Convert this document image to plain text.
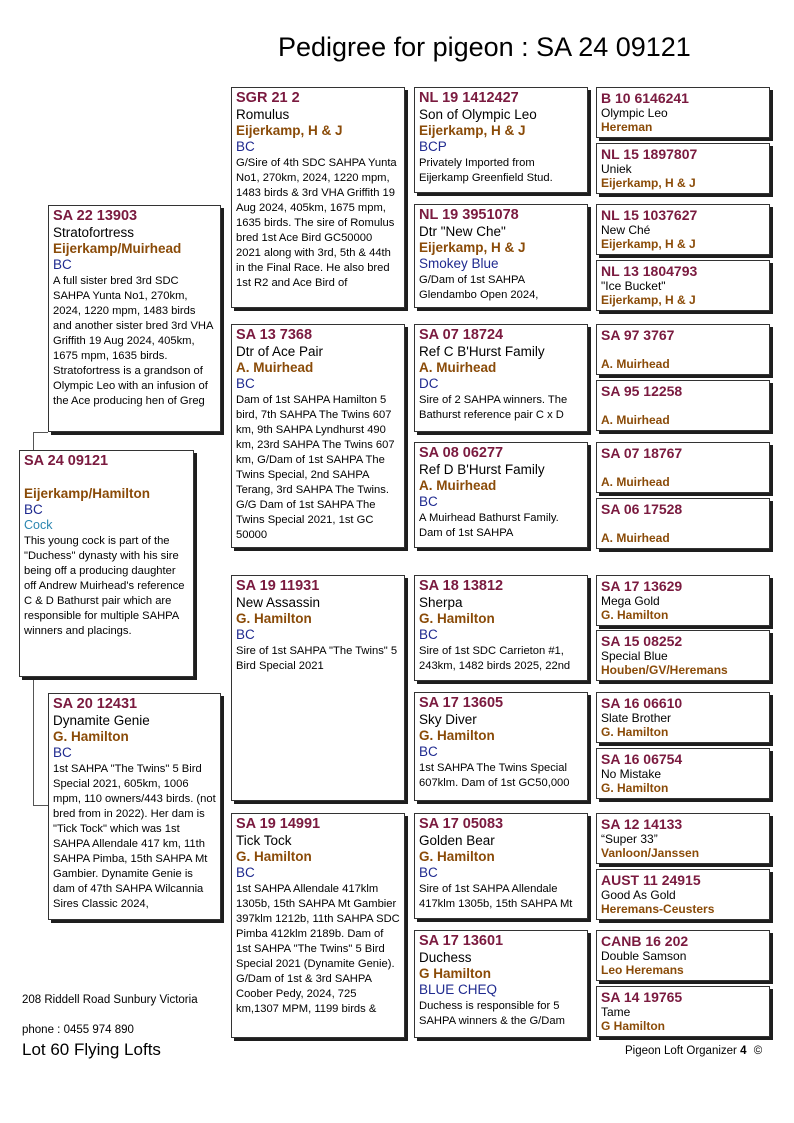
Pedigree for pigeon : SA 24 09121
SA 24 09121
Eijerkamp/Hamilton
BC
Cock
This young cock is part of the "Duchess" dynasty with his sire being off a producing daughter off Andrew Muirhead's reference C & D Bathurst pair which are responsible for multiple SAHPA winners and placings.
SA 22 13903
Stratofortress
Eijerkamp/Muirhead
BC
A full sister bred 3rd SDC SAHPA Yunta No1, 270km, 2024, 1220 mpm, 1483 birds and another sister bred 3rd VHA Griffith 19 Aug 2024, 405km, 1675 mpm, 1635 birds. Stratofortress is a grandson of Olympic Leo with an infusion of the Ace producing hen of Greg
SA 20 12431
Dynamite Genie
G. Hamilton
BC
1st SAHPA "The Twins" 5 Bird Special 2021, 605km, 1006 mpm, 110 owners/443 birds. (not bred from in 2022). Her dam is "Tick Tock" which was 1st SAHPA Allendale 417 km, 11th SAHPA Pimba, 15th SAHPA Mt Gambier. Dynamite Genie is dam of 47th SAHPA Wilcannia Sires Classic 2024,
SGR 21 2
Romulus
Eijerkamp, H & J
BC
G/Sire of 4th SDC SAHPA Yunta No1, 270km, 2024, 1220 mpm, 1483 birds & 3rd VHA Griffith 19 Aug 2024, 405km, 1675 mpm, 1635 birds. The sire of Romulus bred 1st Ace Bird GC50000 2021 along with 3rd, 5th & 44th in the Final Race. He also bred 1st R2 and Ace Bird of
SA 13 7368
Dtr of Ace Pair
A. Muirhead
BC
Dam of 1st SAHPA Hamilton 5 bird, 7th SAHPA The Twins 607 km, 9th SAHPA Lyndhurst 490 km, 23rd SAHPA The Twins 607 km, G/Dam of 1st SAHPA The Twins Special, 2nd SAHPA Terang, 3rd SAHPA The Twins. G/G Dam of 1st SAHPA The Twins Special 2021, 1st GC 50000
SA 19 11931
New Assassin
G. Hamilton
BC
Sire of 1st SAHPA "The Twins" 5 Bird Special 2021
SA 19 14991
Tick Tock
G. Hamilton
BC
1st SAHPA Allendale 417klm 1305b, 15th SAHPA Mt Gambier 397klm 1212b, 11th SAHPA SDC Pimba 412klm 2189b. Dam of 1st SAHPA "The Twins" 5 Bird Special 2021 (Dynamite Genie). G/Dam of 1st & 3rd SAHPA Coober Pedy, 2024, 725 km,1307 MPM, 1199 birds &
NL 19 1412427
Son of Olympic Leo
Eijerkamp, H & J
BCP
Privately Imported from Eijerkamp Greenfield Stud.
NL 19 3951078
Dtr "New Che"
Eijerkamp, H & J
Smokey Blue
G/Dam of 1st SAHPA Glendambo Open 2024,
SA 07 18724
Ref C B'Hurst Family
A. Muirhead
DC
Sire of 2 SAHPA winners. The Bathurst reference pair C x D
SA 08 06277
Ref D B'Hurst Family
A. Muirhead
BC
A Muirhead Bathurst Family. Dam of 1st SAHPA
SA 18 13812
Sherpa
G. Hamilton
BC
Sire of 1st SDC Carrieton #1, 243km, 1482 birds 2025, 22nd
SA 17 13605
Sky Diver
G. Hamilton
BC
1st SAHPA The Twins Special 607klm. Dam of 1st GC50,000
SA 17 05083
Golden Bear
G. Hamilton
BC
Sire of 1st SAHPA Allendale 417klm 1305b, 15th SAHPA Mt
SA 17 13601
Duchess
G Hamilton
BLUE CHEQ
Duchess is responsible for 5 SAHPA winners & the G/Dam
B 10 6146241
Olympic Leo
Hereman
NL 15 1897807
Uniek
Eijerkamp, H & J
NL 15 1037627
New Ché
Eijerkamp, H & J
NL 13 1804793
"Ice Bucket"
Eijerkamp, H & J
SA 97 3767
A. Muirhead
SA 95 12258
A. Muirhead
SA 07 18767
A. Muirhead
SA 06 17528
A. Muirhead
SA 17 13629
Mega Gold
G. Hamilton
SA 15 08252
Special Blue
Houben/GV/Heremans
SA 16 06610
Slate Brother
G. Hamilton
SA 16 06754
No Mistake
G. Hamilton
SA 12 14133
“Super 33”
Vanloon/Janssen
AUST 11 24915
Good As Gold
Heremans-Ceusters
CANB 16 202
Double Samson
Leo Heremans
SA 14 19765
Tame
G Hamilton
208 Riddell Road Sunbury Victoria
phone : 0455 974 890
Lot 60 Flying Lofts	Pigeon Loft Organizer 4 ©
